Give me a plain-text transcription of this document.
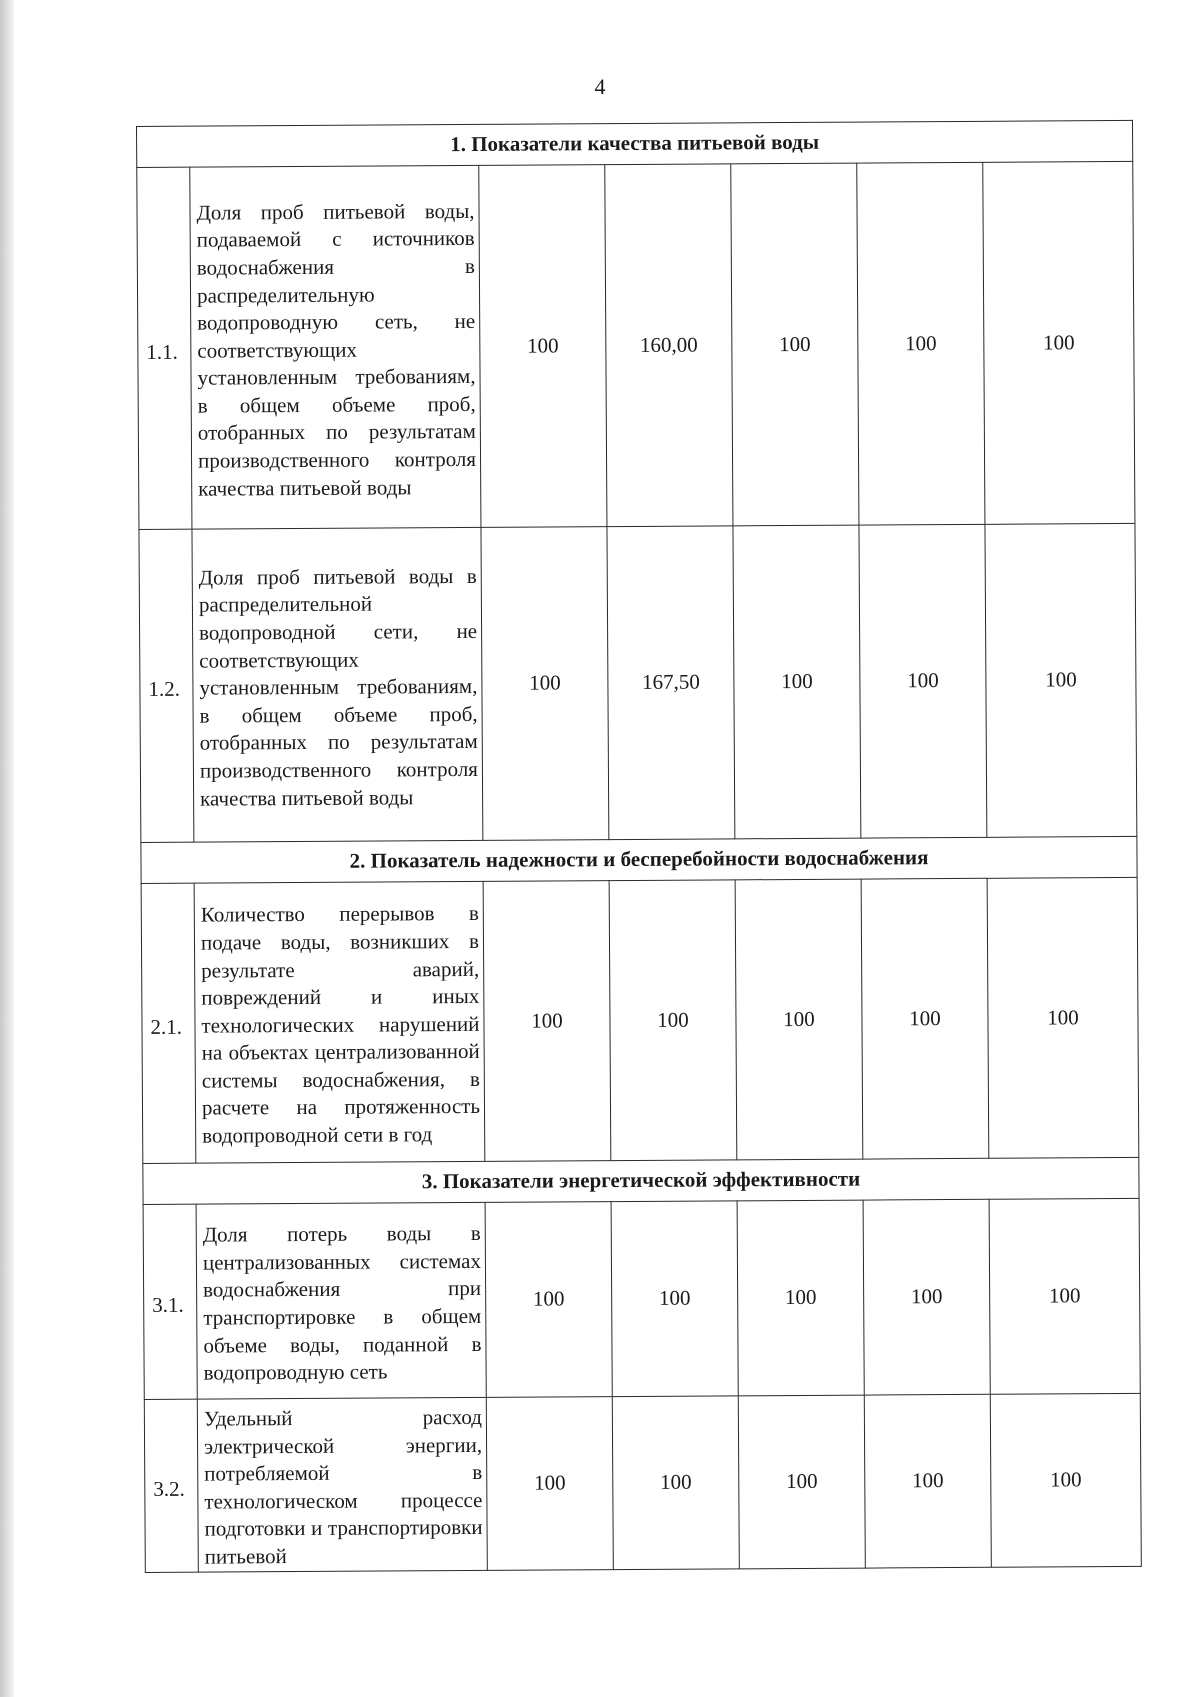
4
1. Показатели качества питьевой воды						
1.1.	Доля проб питьевой воды, подаваемой с источников водоснабжения в распределительную водопроводную сеть, не соответствующих установленным требованиям, в общем объеме проб, отобранных по результатам производственного контроля качества питьевой воды	100	160,00	100	100	100
1.2.	Доля проб питьевой воды в распределительной водопроводной сети, не соответствующих установленным требованиям, в общем объеме проб, отобранных по результатам производственного контроля качества питьевой воды	100	167,50	100	100	100
2. Показатель надежности и бесперебойности водоснабжения						
2.1.	Количество перерывов в подаче воды, возникших в результате аварий, повреждений и иных технологических нарушений на объектах централизованной системы водоснабжения, в расчете на протяженность водопроводной сети в год	100	100	100	100	100
3. Показатели энергетической эффективности						
3.1.	Доля потерь воды в централизованных системах водоснабжения при транспортировке в общем объеме воды, поданной в водопроводную сеть	100	100	100	100	100
3.2.	Удельный расход электрической энергии, потребляемой в технологическом процессе подготовки и транспортировки питьевой	100	100	100	100	100
